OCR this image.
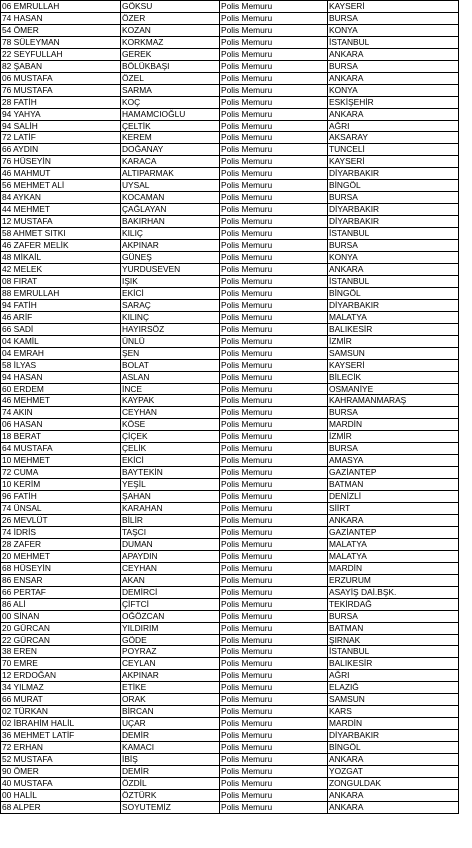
06 EMRULLAH	GÖKSU	Polis Memuru	KAYSERİ
74 HASAN	ÖZER	Polis Memuru	BURSA
54 ÖMER	KOZAN	Polis Memuru	KONYA
78 SÜLEYMAN	KORKMAZ	Polis Memuru	İSTANBUL
22 SEYFULLAH	GEREK	Polis Memuru	ANKARA
82 ŞABAN	BÖLÜKBAŞI	Polis Memuru	BURSA
06 MUSTAFA	ÖZEL	Polis Memuru	ANKARA
76 MUSTAFA	SARMA	Polis Memuru	KONYA
28 FATİH	KOÇ	Polis Memuru	ESKİŞEHİR
94 YAHYA	HAMAMCIOĞLU	Polis Memuru	ANKARA
94 SALİH	ÇELTİK	Polis Memuru	AĞRI
72 LATİF	KEREM	Polis Memuru	AKSARAY
66 AYDIN	DOĞANAY	Polis Memuru	TUNCELİ
76 HÜSEYİN	KARACA	Polis Memuru	KAYSERİ
46 MAHMUT	ALTIPARMAK	Polis Memuru	DİYARBAKIR
56 MEHMET ALİ	UYSAL	Polis Memuru	BİNGÖL
84 AYKAN	KOCAMAN	Polis Memuru	BURSA
44 MEHMET	ÇAĞLAYAN	Polis Memuru	DİYARBAKIR
12 MUSTAFA	BAKIRHAN	Polis Memuru	DİYARBAKIR
58 AHMET SITKI	KILIÇ	Polis Memuru	İSTANBUL
46 ZAFER MELİK	AKPINAR	Polis Memuru	BURSA
48 MİKAİL	GÜNEŞ	Polis Memuru	KONYA
42 MELEK	YURDUSEVEN	Polis Memuru	ANKARA
08 FIRAT	IŞIK	Polis Memuru	İSTANBUL
88 EMRULLAH	EKİCİ	Polis Memuru	BİNGÖL
94 FATİH	SARAÇ	Polis Memuru	DİYARBAKIR
46 ARİF	KILINÇ	Polis Memuru	MALATYA
66 SADİ	HAYIRSÖZ	Polis Memuru	BALIKESİR
04 KAMİL	ÜNLÜ	Polis Memuru	İZMİR
04 EMRAH	ŞEN	Polis Memuru	SAMSUN
58 İLYAS	BOLAT	Polis Memuru	KAYSERİ
94 HASAN	ASLAN	Polis Memuru	BİLECİK
60 ERDEM	İNCE	Polis Memuru	OSMANİYE
46 MEHMET	KAYPAK	Polis Memuru	KAHRAMANMARAŞ
74 AKIN	CEYHAN	Polis Memuru	BURSA
06 HASAN	KÖSE	Polis Memuru	MARDİN
18 BERAT	ÇİÇEK	Polis Memuru	İZMİR
64 MUSTAFA	ÇELİK	Polis Memuru	BURSA
10 MEHMET	EKİCİ	Polis Memuru	AMASYA
72 CUMA	BAYTEKİN	Polis Memuru	GAZİANTEP
10 KERİM	YEŞİL	Polis Memuru	BATMAN
96 FATİH	ŞAHAN	Polis Memuru	DENİZLİ
74 ÜNSAL	KARAHAN	Polis Memuru	SİİRT
26 MEVLÜT	BİLİR	Polis Memuru	ANKARA
74 İDRİS	TAŞCI	Polis Memuru	GAZİANTEP
28 ZAFER	DUMAN	Polis Memuru	MALATYA
20 MEHMET	APAYDIN	Polis Memuru	MALATYA
68 HÜSEYİN	CEYHAN	Polis Memuru	MARDİN
86 ENSAR	AKAN	Polis Memuru	ERZURUM
66 PERTAF	DEMİRCİ	Polis Memuru	ASAYİŞ DAİ.BŞK.
86 ALİ	ÇİFTCİ	Polis Memuru	TEKİRDAĞ
00 SİNAN	OĞÖZCAN	Polis Memuru	BURSA
20 GÜRCAN	YILDIRIM	Polis Memuru	BATMAN
22 GÜRCAN	GÖDE	Polis Memuru	ŞIRNAK
38 EREN	POYRAZ	Polis Memuru	İSTANBUL
70 EMRE	CEYLAN	Polis Memuru	BALIKESİR
12 ERDOĞAN	AKPINAR	Polis Memuru	AĞRI
34 YILMAZ	ETİKE	Polis Memuru	ELAZIĞ
66 MURAT	ORAK	Polis Memuru	SAMSUN
02 TÜRKAN	BİRCAN	Polis Memuru	KARS
02 İBRAHİM HALİL	UÇAR	Polis Memuru	MARDİN
36 MEHMET LATİF	DEMİR	Polis Memuru	DİYARBAKIR
72 ERHAN	KAMACI	Polis Memuru	BİNGÖL
52 MUSTAFA	İBİŞ	Polis Memuru	ANKARA
90 ÖMER	DEMİR	Polis Memuru	YOZGAT
40 MUSTAFA	ÖZDİL	Polis Memuru	ZONGULDAK
00 HALİL	ÖZTÜRK	Polis Memuru	ANKARA
68 ALPER	SOYUTEMİZ	Polis Memuru	ANKARA
